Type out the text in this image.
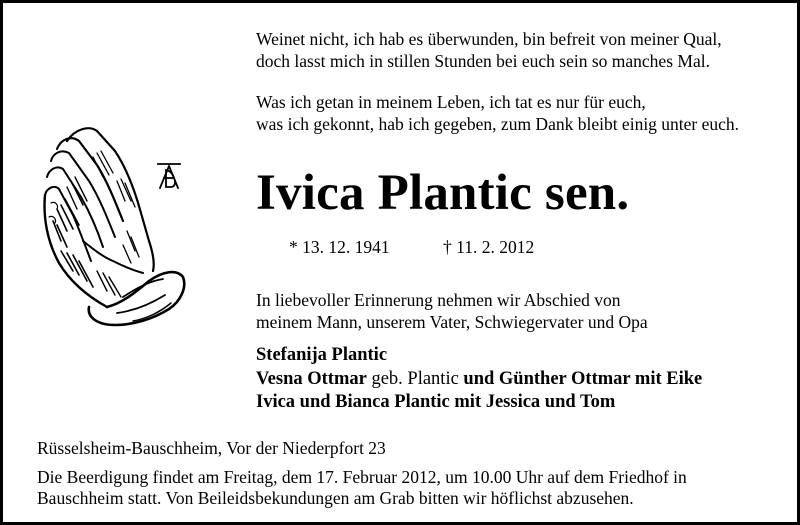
Weinet nicht, ich hab es überwunden, bin befreit von meiner Qual,
doch lasst mich in stillen Stunden bei euch sein so manches Mal.
Was ich getan in meinem Leben, ich tat es nur für euch,
was ich gekonnt, hab ich gegeben, zum Dank bleibt einig unter euch.
Ivica Plantic sen.
* 13. 12. 1941	† 11. 2. 2012
In liebevoller Erinnerung nehmen wir Abschied von
meinem Mann, unserem Vater, Schwiegervater und Opa
Stefanija Plantic
Vesna Ottmar geb. Plantic und Günther Ottmar mit Eike
Ivica und Bianca Plantic mit Jessica und Tom
Rüsselsheim-Bauschheim, Vor der Niederpfort 23
Die Beerdigung findet am Freitag, dem 17. Februar 2012, um 10.00 Uhr auf dem Friedhof in
Bauschheim statt. Von Beileidsbekundungen am Grab bitten wir höflichst abzusehen.
